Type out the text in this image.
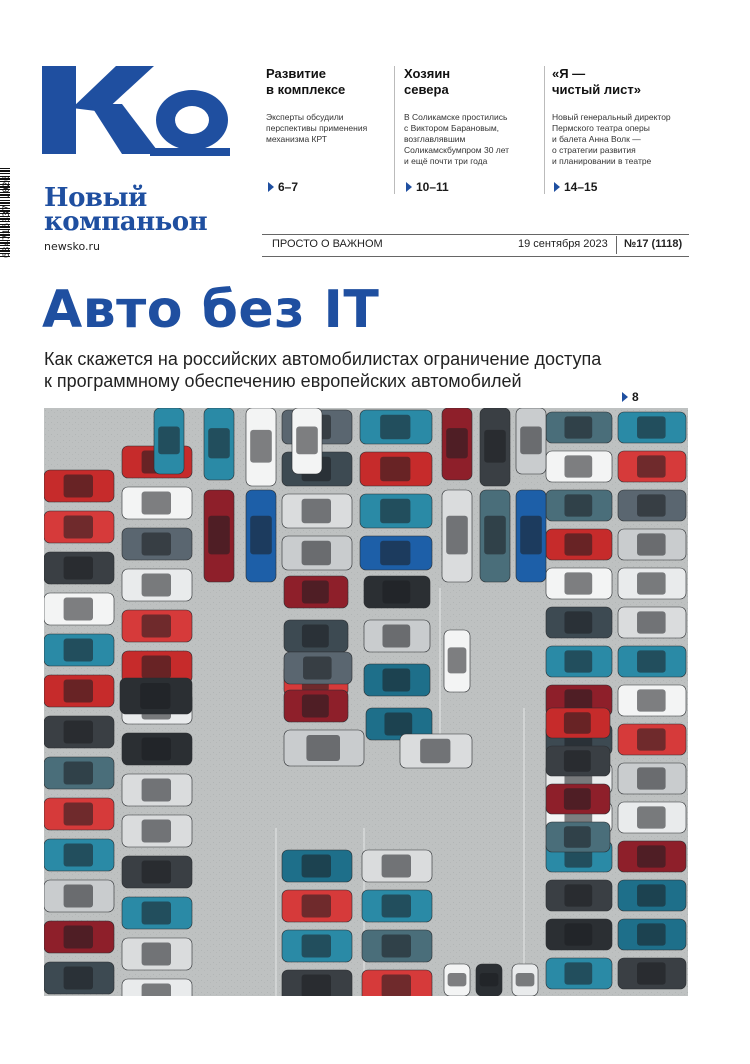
634715337 .026 Новый
компаньон
newsko.ru
Развитие
в комплексе

Эксперты обсудили
перспективы применения
механизма КРТ

6–7
Хозяин
севера

В Соликамске простились
с Виктором Барановым,
возглавлявшим
Соликамскбумпром 30 лет
и ещё почти три года

10–11
«Я —
чистый лист»

Новый генеральный директор
Пермского театра оперы
и балета Анна Волк —
о стратегии развития
и планировании в театре

14–15
ПРОСТО О ВАЖНОМ	19 сентября 2023 №17 (1118)
Авто без IT
Как скажется на российских автомобилистах ограничение доступа
к программному обеспечению европейских автомобилей
8
